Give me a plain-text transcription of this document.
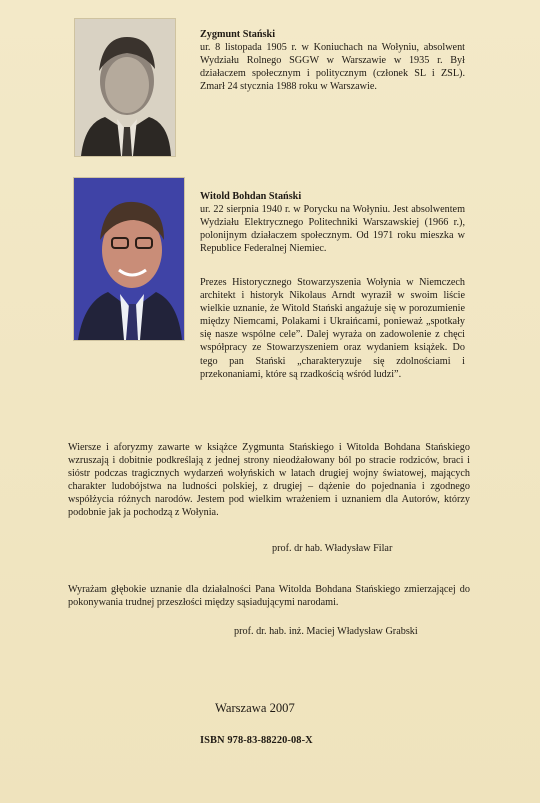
Zygmunt Stański
ur. 8 listopada 1905 r. w Koniuchach na Wołyniu, absolwent Wydziału Rolnego SGGW w Warszawie w 1935 r. Był działaczem społecznym i politycznym (członek SL i ZSL). Zmarł 24 stycznia 1988 roku w Warszawie.
Witold Bohdan Stański
ur. 22 sierpnia 1940 r. w Porycku na Wołyniu. Jest absolwentem Wydziału Elektrycznego Politechniki Warszawskiej (1966 r.), polonijnym działaczem społecznym. Od 1971 roku mieszka w Republice Federalnej Niemiec.
Prezes Historycznego Stowarzyszenia Wołynia w Niemczech architekt i historyk Nikolaus Arndt wyraził w swoim liście wielkie uznanie, że Witold Stański angażuje się w porozumienie między Niemcami, Polakami i Ukraińcami, ponieważ „spotkały się nasze wspólne cele”. Dalej wyraża on zadowolenie z chęci współpracy ze Stowarzyszeniem oraz wydaniem książek. Do tego pan Stański „charakteryzuje się zdolnościami i przekonaniami, które są rzadkością wśród ludzi”.
Wiersze i aforyzmy zawarte w książce Zygmunta Stańskiego i Witolda Bohdana Stańskiego wzruszają i dobitnie podkreślają z jednej strony nieodżałowany ból po stracie rodziców, braci i sióstr podczas tragicznych wydarzeń wołyńskich w latach drugiej wojny światowej, mających charakter ludobójstwa na ludności polskiej, z drugiej – dążenie do pojednania i zgodnego współżycia różnych narodów. Jestem pod wielkim wrażeniem i uznaniem dla Autorów, którzy podobnie jak ja pochodzą z Wołynia.
prof. dr hab. Władysław Filar
Wyrażam głębokie uznanie dla działalności Pana Witolda Bohdana Stańskiego zmierzającej do pokonywania trudnej przeszłości między sąsiadującymi narodami.
prof. dr. hab. inż. Maciej Władysław Grabski
Warszawa 2007
ISBN 978-83-88220-08-X
